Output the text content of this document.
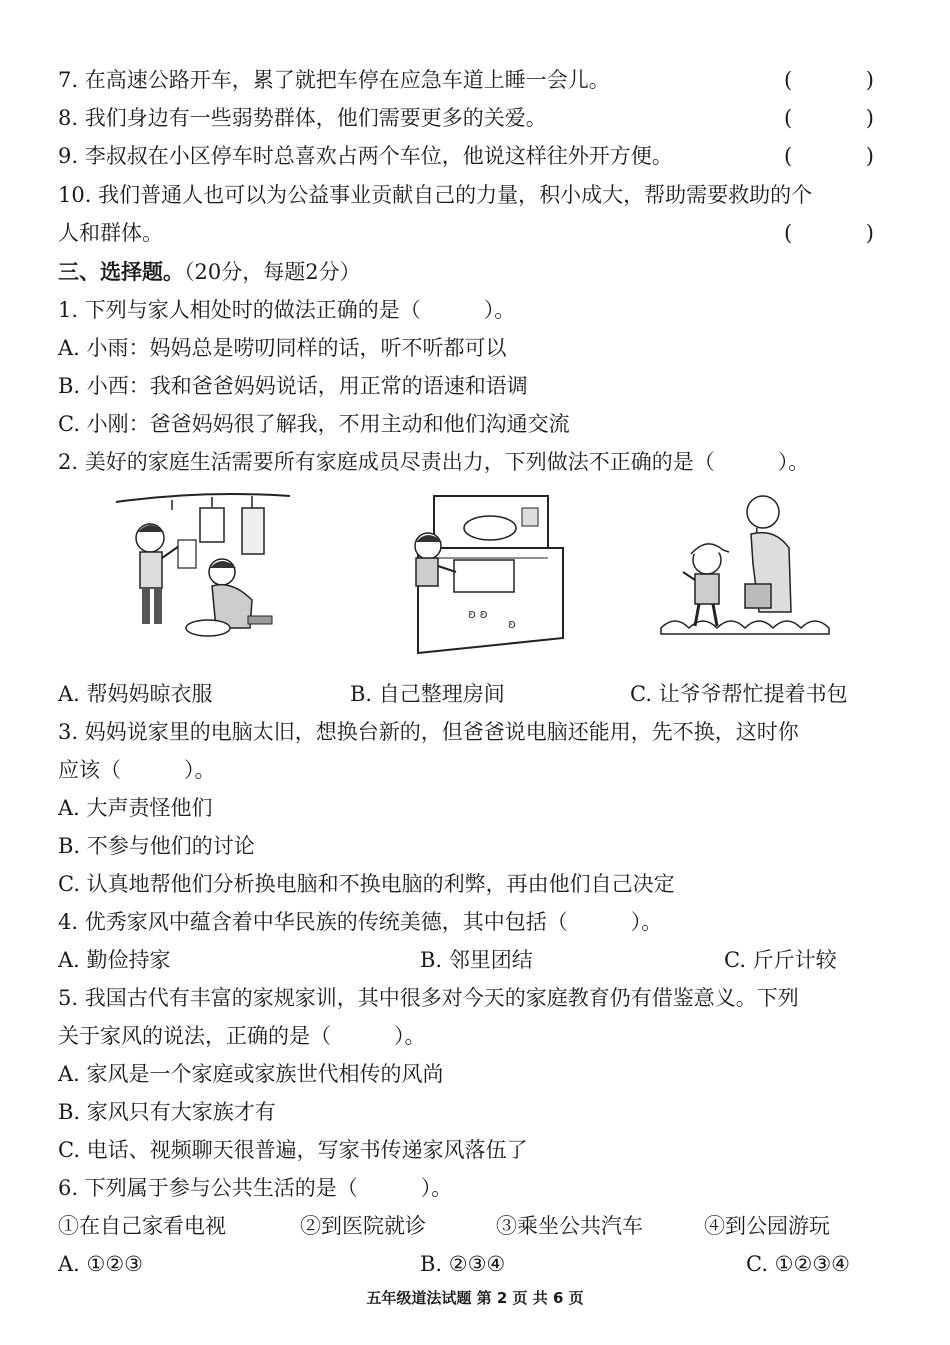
7. 在高速公路开车，累了就把车停在应急车道上睡一会儿。	(	)
8. 我们身边有一些弱势群体，他们需要更多的关爱。	(	)
9. 李叔叔在小区停车时总喜欢占两个车位，他说这样往外开方便。	(	)
10. 我们普通人也可以为公益事业贡献自己的力量，积小成大，帮助需要救助的个
人和群体。	(	)
三、选择题。（20分，每题2分）
1. 下列与家人相处时的做法正确的是（　　　）。
A. 小雨：妈妈总是唠叨同样的话，听不听都可以
B. 小西：我和爸爸妈妈说话，用正常的语速和语调
C. 小刚：爸爸妈妈很了解我，不用主动和他们沟通交流
2. 美好的家庭生活需要所有家庭成员尽责出力，下列做法不正确的是（　　　）。
ʚ ʚ
ʚ
A. 帮妈妈晾衣服	B. 自己整理房间	C. 让爷爷帮忙提着书包
3. 妈妈说家里的电脑太旧，想换台新的，但爸爸说电脑还能用，先不换，这时你
应该（　　　）。
A. 大声责怪他们
B. 不参与他们的讨论
C. 认真地帮他们分析换电脑和不换电脑的利弊，再由他们自己决定
4. 优秀家风中蕴含着中华民族的传统美德，其中包括（　　　）。
A. 勤俭持家	B. 邻里团结	C. 斤斤计较
5. 我国古代有丰富的家规家训，其中很多对今天的家庭教育仍有借鉴意义。下列
关于家风的说法，正确的是（　　　）。
A. 家风是一个家庭或家族世代相传的风尚
B. 家风只有大家族才有
C. 电话、视频聊天很普遍，写家书传递家风落伍了
6. 下列属于参与公共生活的是（　　　）。
①在自己家看电视	②到医院就诊	③乘坐公共汽车	④到公园游玩
A. ①②③	B. ②③④	C. ①②③④
五年级道法试题 第 2 页 共 6 页
